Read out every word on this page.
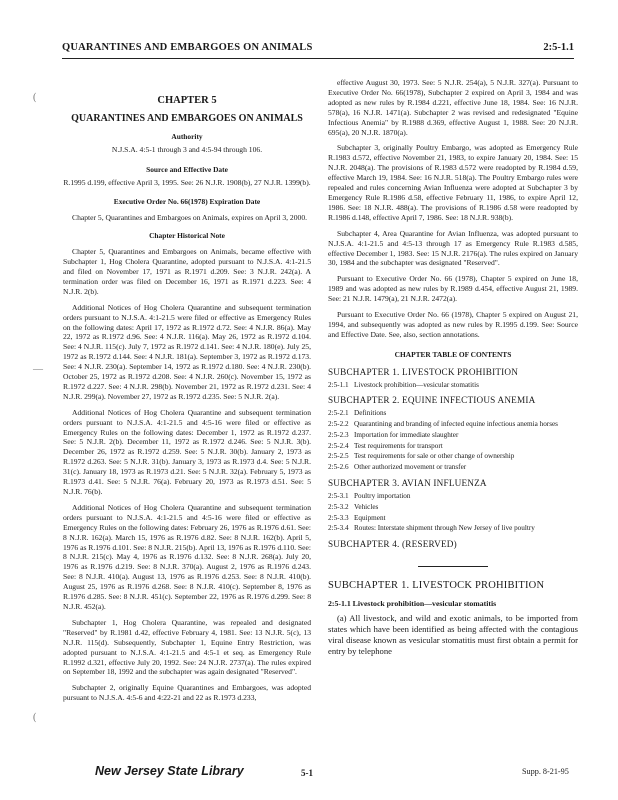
QUARANTINES AND EMBARGOES ON ANIMALS	2:5-1.1
(
—
(
CHAPTER 5
QUARANTINES AND EMBARGOES ON ANIMALS
Authority
N.J.S.A. 4:5-1 through 3 and 4:5-94 through 106.
Source and Effective Date
R.1995 d.199, effective April 3, 1995. See: 26 N.J.R. 1908(b), 27 N.J.R. 1399(b).
Executive Order No. 66(1978) Expiration Date

Chapter 5, Quarantines and Embargoes on Animals, expires on April 3, 2000.

Chapter Historical Note

Chapter 5, Quarantines and Embargoes on Animals, became effective with Subchapter 1, Hog Cholera Quarantine, adopted pursuant to N.J.S.A. 4:1-21.5 and filed on November 17, 1971 as R.1971 d.209. See: 3 N.J.R. 242(a). A termination order was filed on December 16, 1971 as R.1971 d.223. See: 4 N.J.R. 2(b).

Additional Notices of Hog Cholera Quarantine and subsequent termination orders pursuant to N.J.S.A. 4:1-21.5 were filed or effective as Emergency Rules on the following dates: April 17, 1972 as R.1972 d.72. See: 4 N.J.R. 86(a). May 22, 1972 as R.1972 d.96. See: 4 N.J.R. 116(a). May 26, 1972 as R.1972 d.104. See: 4 N.J.R. 115(c). July 7, 1972 as R.1972 d.141. See: 4 N.J.R. 180(e). July 25, 1972 as R.1972 d.144. See: 4 N.J.R. 181(a). September 3, 1972 as R.1972 d.173. See: 4 N.J.R. 230(a). September 14, 1972 as R.1972 d.180. See: 4 N.J.R. 230(b). October 25, 1972 as R.1972 d.208. See: 4 N.J.R. 260(c). November 15, 1972 as R.1972 d.227. See: 4 N.J.R. 298(b). November 21, 1972 as R.1972 d.231. See: 4 N.J.R. 299(a). November 27, 1972 as R.1972 d.235. See: 5 N.J.R. 2(a).

Additional Notices of Hog Cholera Quarantine and subsequent termination orders pursuant to N.J.S.A. 4:1-21.5 and 4:5-16 were filed or effective as Emergency Rules on the following dates: December 1, 1972 as R.1972 d.237. See: 5 N.J.R. 2(b). December 11, 1972 as R.1972 d.246. See: 5 N.J.R. 3(b). December 26, 1972 as R.1972 d.259. See: 5 N.J.R. 30(b). January 2, 1973 as R.1972 d.263. See: 5 N.J.R. 31(b). January 3, 1973 as R.1973 d.4. See: 5 N.J.R. 31(c). January 18, 1973 as R.1973 d.21. See: 5 N.J.R. 32(a). February 5, 1973 as R.1973 d.41. See: 5 N.J.R. 76(a). February 20, 1973 as R.1973 d.51. See: 5 N.J.R. 76(b).

Additional Notices of Hog Cholera Quarantine and subsequent termination orders pursuant to N.J.S.A. 4:1-21.5 and 4:5-16 were filed or effective as Emergency Rules on the following dates: February 26, 1976 as R.1976 d.61. See: 8 N.J.R. 162(a). March 15, 1976 as R.1976 d.82. See: 8 N.J.R. 162(b). April 5, 1976 as R.1976 d.101. See: 8 N.J.R. 215(b). April 13, 1976 as R.1976 d.110. See: 8 N.J.R. 215(c). May 4, 1976 as R.1976 d.132. See: 8 N.J.R. 268(a). July 20, 1976 as R.1976 d.219. See: 8 N.J.R. 370(a). August 2, 1976 as R.1976 d.243. See: 8 N.J.R. 410(a). August 13, 1976 as R.1976 d.253. See: 8 N.J.R. 410(b). August 25, 1976 as R.1976 d.268. See: 8 N.J.R. 410(c). September 8, 1976 as R.1976 d.285. See: 8 N.J.R. 451(c). September 22, 1976 as R.1976 d.299. See: 8 N.J.R. 452(a).

Subchapter 1, Hog Cholera Quarantine, was repealed and designated "Reserved" by R.1981 d.42, effective February 4, 1981. See: 13 N.J.R. 5(c), 13 N.J.R. 115(d). Subsequently, Subchapter 1, Equine Entry Restriction, was adopted pursuant to N.J.S.A. 4:1-21.5 and 4:5-1 et seq. as Emergency Rule R.1992 d.321, effective July 20, 1992. See: 24 N.J.R. 2737(a). The rules expired on September 18, 1992 and the subchapter was again designated "Reserved".

Subchapter 2, originally Equine Quarantines and Embargoes, was adopted pursuant to N.J.S.A. 4:5-6 and 4:22-21 and 22 as R.1973 d.233,

effective August 30, 1973. See: 5 N.J.R. 254(a), 5 N.J.R. 327(a). Pursuant to Executive Order No. 66(1978), Subchapter 2 expired on April 3, 1984 and was adopted as new rules by R.1984 d.221, effective June 18, 1984. See: 16 N.J.R. 578(a), 16 N.J.R. 1471(a). Subchapter 2 was revised and redesignated "Equine Infectious Anemia" by R.1988 d.369, effective August 1, 1988. See: 20 N.J.R. 695(a), 20 N.J.R. 1870(a).

Subchapter 3, originally Poultry Embargo, was adopted as Emergency Rule R.1983 d.572, effective November 21, 1983, to expire January 20, 1984. See: 15 N.J.R. 2048(a). The provisions of R.1983 d.572 were readopted by R.1984 d.59, effective March 19, 1984. See: 16 N.J.R. 518(a). The Poultry Embargo rules were repealed and rules concerning Avian Influenza were adopted at Subchapter 3 by Emergency Rule R.1986 d.58, effective February 11, 1986, to expire April 12, 1986. See: 18 N.J.R. 488(a). The provisions of R.1986 d.58 were readopted by R.1986 d.148, effective April 7, 1986. See: 18 N.J.R. 938(b).

Subchapter 4, Area Quarantine for Avian Influenza, was adopted pursuant to N.J.S.A. 4:1-21.5 and 4:5-13 through 17 as Emergency Rule R.1983 d.585, effective December 1, 1983. See: 15 N.J.R. 2176(a). The rules expired on January 30, 1984 and the subchapter was designated "Reserved".

Pursuant to Executive Order No. 66 (1978), Chapter 5 expired on June 18, 1989 and was adopted as new rules by R.1989 d.454, effective August 21, 1989. See: 21 N.J.R. 1479(a), 21 N.J.R. 2472(a).

Pursuant to Executive Order No. 66 (1978), Chapter 5 expired on August 21, 1994, and subsequently was adopted as new rules by R.1995 d.199. See: Source and Effective Date. See, also, section annotations.

CHAPTER TABLE OF CONTENTS
SUBCHAPTER 1. LIVESTOCK PROHIBITION
2:5-1.1 Livestock prohibition—vesicular stomatitis
SUBCHAPTER 2. EQUINE INFECTIOUS ANEMIA
2:5-2.1 Definitions
2:5-2.2 Quarantining and branding of infected equine infectious anemia horses
2:5-2.3 Importation for immediate slaughter
2:5-2.4 Test requirements for transport
2:5-2.5 Test requirements for sale or other change of ownership
2:5-2.6 Other authorized movement or transfer
SUBCHAPTER 3. AVIAN INFLUENZA
2:5-3.1 Poultry importation
2:5-3.2 Vehicles
2:5-3.3 Equipment
2:5-3.4 Routes: Interstate shipment through New Jersey of live poultry
SUBCHAPTER 4. (RESERVED)
SUBCHAPTER 1. LIVESTOCK PROHIBITION
2:5-1.1 Livestock prohibition—vesicular stomatitis

(a) All livestock, and wild and exotic animals, to be imported from states which have been identified as being affected with the contagious viral disease known as vesicular stomatitis must first obtain a permit for entry by telephone

New Jersey State Library	5-1	Supp. 8-21-95
